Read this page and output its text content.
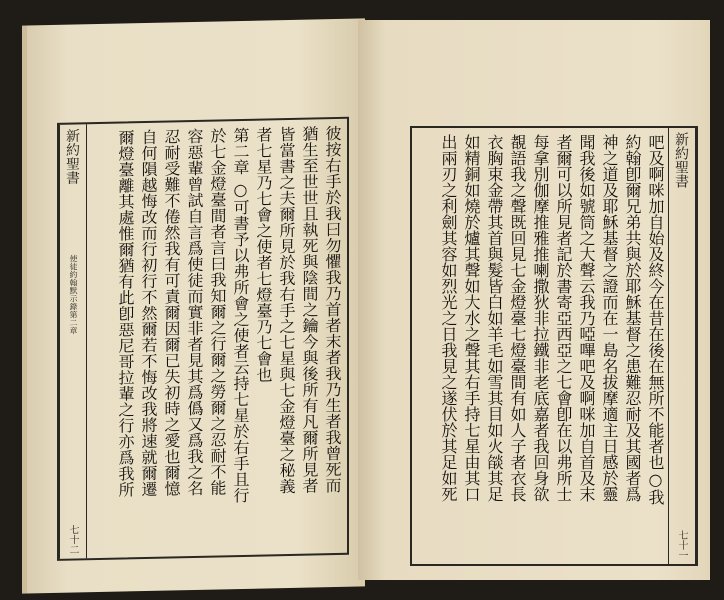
新約聖書
使徒約翰默示錄第二章
七十二
彼按右手於我曰勿懼我乃首者末者我乃生者我曾死而
猶生至世世且執死與陰間之鑰今與後所有凡爾所見者
皆當書之夫爾所見於我右手之七星與七金燈臺之秘義
者七星乃七會之使者七燈臺乃七會也
第二章 ○可書予以弗所會之使者云持七星於右手且行
於七金燈臺間者言曰我知爾之行爾之勞爾之忍耐不能
容惡輩曾試自言爲使徒而實非者見其爲僞又爲我之名
忍耐受難不倦然我有可責爾因爾已失初時之愛也爾憶
自何隕越悔改而行初行不然爾若不悔改我將速就爾遷
爾燈臺離其處惟爾猶有此卽惡尼哥拉輩之行亦爲我所	新約聖書
七十一
吧及啊咪加自始及終今在昔在後在無所不能者也○我
約翰卽爾兄弟共與於耶穌基督之患難忍耐及其國者爲
神之道及耶穌基督之證而在一島名拔摩適主日感於靈
聞我後如號筒之大聲云我乃啞嗶吧及啊咪加自首及末
者爾可以所見者記於書寄亞西亞之七會卽在以弗所士
每拿別伽摩推雅推喇撒狄非拉鐵非老底嘉者我回身欲
覩語我之聲既回見七金燈臺七燈臺間有如人子者衣長
衣胸束金帶其首與髮皆白如羊毛如雪其目如火燄其足
如精銅如燒於爐其聲如大水之聲其右手持七星由其口
出兩刃之利劍其容如烈光之日我見之遂伏於其足如死
